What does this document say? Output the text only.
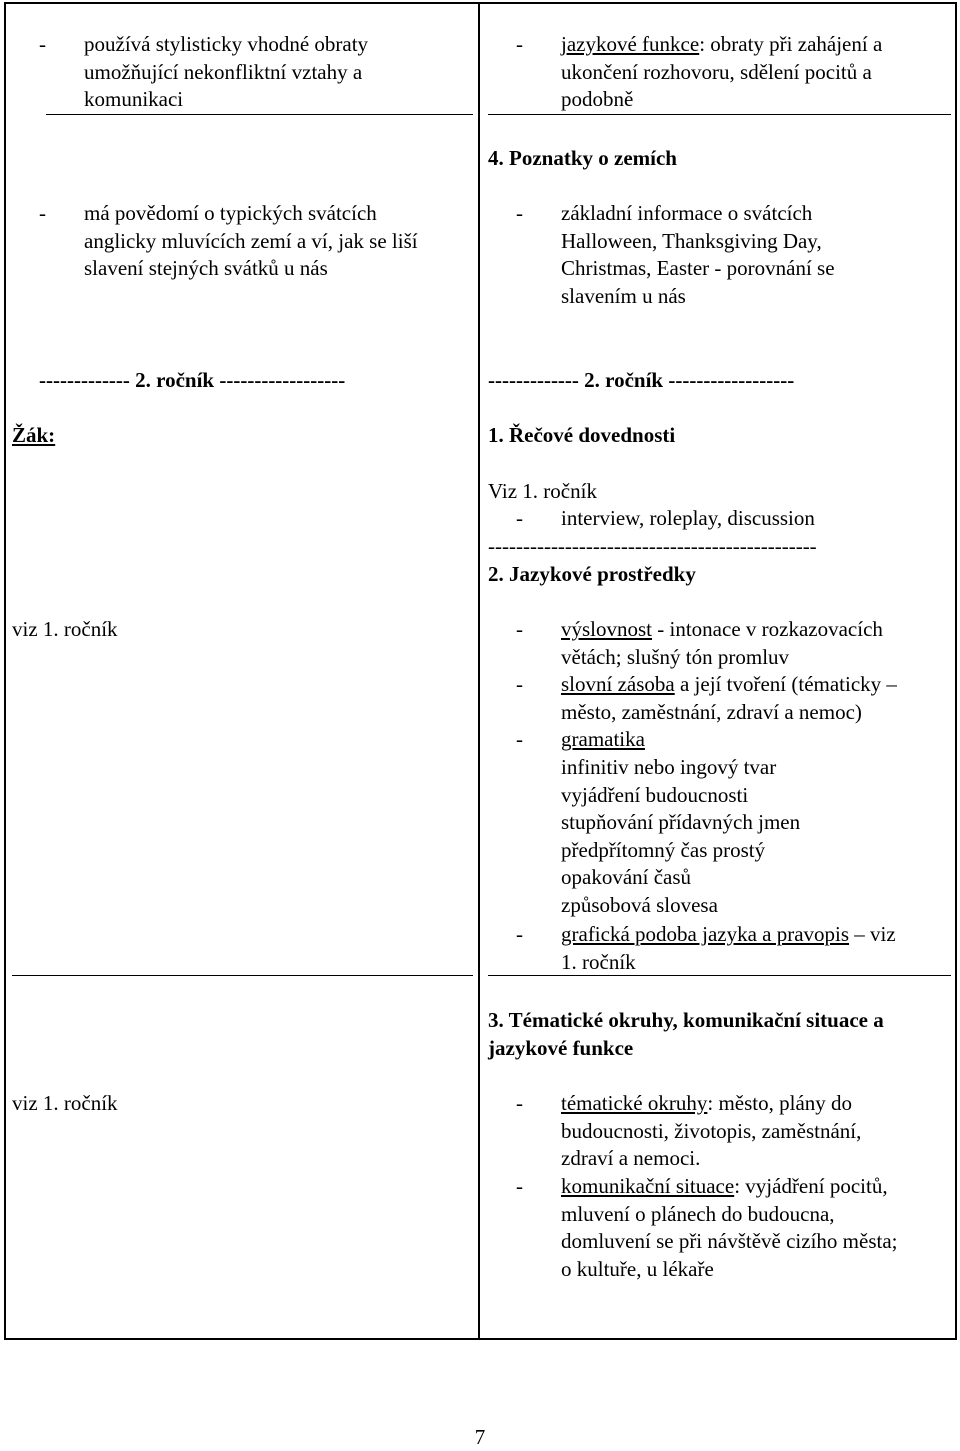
- používá stylisticky vhodné obraty
umožňující nekonfliktní vztahy a
komunikaci
- má povědomí o typických svátcích
anglicky mluvících zemí a ví, jak se liší
slavení stejných svátků u nás
------------- 2. ročník ------------------
Žák:
viz 1. ročník
viz 1. ročník
- jazykové funkce: obraty při zahájení a
ukončení rozhovoru, sdělení pocitů a
podobně
4. Poznatky o zemích
- základní informace o svátcích
Halloween, Thanksgiving Day,
Christmas, Easter - porovnání se
slavením u nás
------------- 2. ročník ------------------
1. Řečové dovednosti
Viz 1. ročník
- interview, roleplay, discussion
-----------------------------------------------
2. Jazykové prostředky
- výslovnost - intonace v rozkazovacích
větách; slušný tón promluv
- slovní zásoba a její tvoření (tématicky –
město, zaměstnání, zdraví a nemoc)
- gramatika
infinitiv nebo ingový tvar
vyjádření budoucnosti
stupňování přídavných jmen
předpřítomný čas prostý
opakování časů
způsobová slovesa
- grafická podoba jazyka a pravopis – viz
1. ročník
3. Tématické okruhy, komunikační situace a
jazykové funkce
- tématické okruhy: město, plány do
budoucnosti, životopis, zaměstnání,
zdraví a nemoci.
- komunikační situace: vyjádření pocitů,
mluvení o plánech do budoucna,
domluvení se při návštěvě cizího města;
o kultuře, u lékaře
7
